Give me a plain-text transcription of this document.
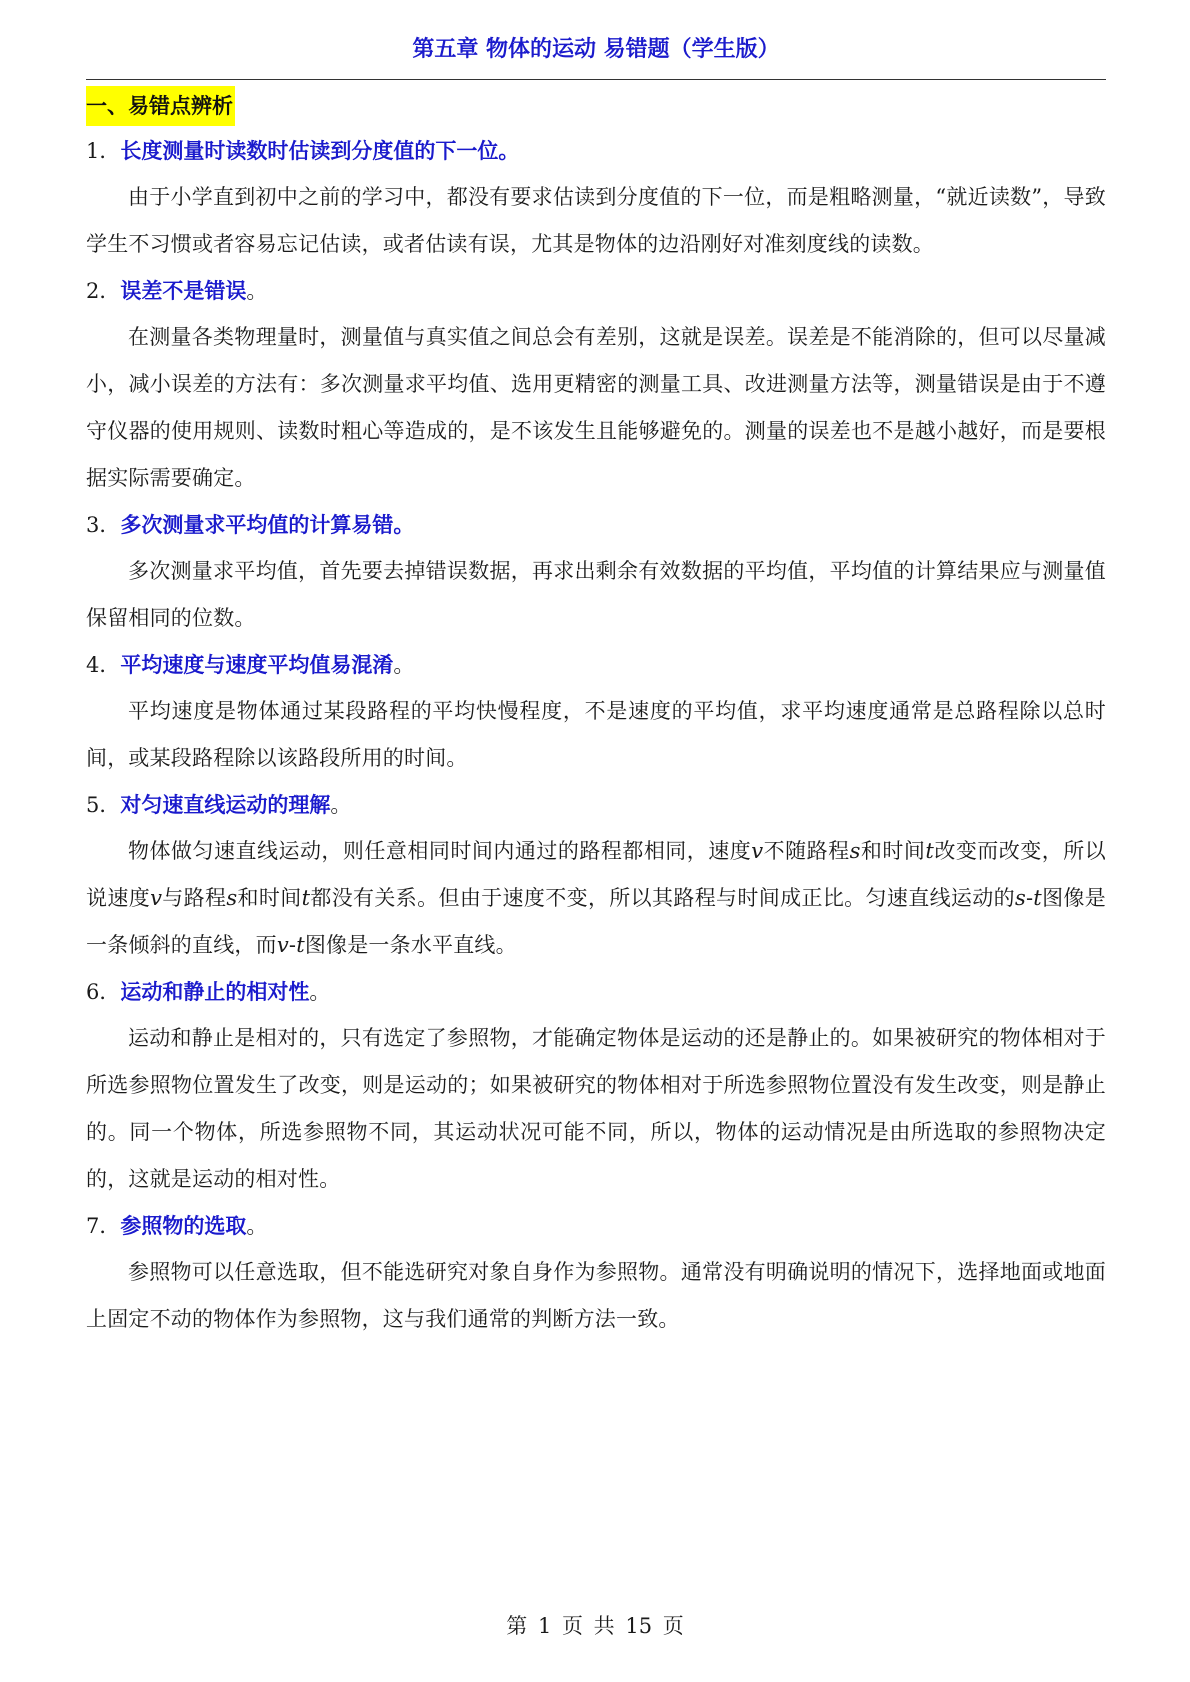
第五章 物体的运动 易错题（学生版）
一、易错点辨析

1．长度测量时读数时估读到分度值的下一位。

由于小学直到初中之前的学习中，都没有要求估读到分度值的下一位，而是粗略测量，“就近读数”，导致学生不习惯或者容易忘记估读，或者估读有误，尤其是物体的边沿刚好对准刻度线的读数。

2．误差不是错误。

在测量各类物理量时，测量值与真实值之间总会有差别，这就是误差。误差是不能消除的，但可以尽量减小，减小误差的方法有：多次测量求平均值、选用更精密的测量工具、改进测量方法等，测量错误是由于不遵守仪器的使用规则、读数时粗心等造成的，是不该发生且能够避免的。测量的误差也不是越小越好，而是要根据实际需要确定。

3．多次测量求平均值的计算易错。

多次测量求平均值，首先要去掉错误数据，再求出剩余有效数据的平均值，平均值的计算结果应与测量值保留相同的位数。

4．平均速度与速度平均值易混淆。

平均速度是物体通过某段路程的平均快慢程度，不是速度的平均值，求平均速度通常是总路程除以总时间，或某段路程除以该路段所用的时间。

5．对匀速直线运动的理解。

物体做匀速直线运动，则任意相同时间内通过的路程都相同，速度v不随路程s和时间t改变而改变，所以说速度v与路程s和时间t都没有关系。但由于速度不变，所以其路程与时间成正比。匀速直线运动的s-t图像是一条倾斜的直线，而v-t图像是一条水平直线。

6．运动和静止的相对性。

运动和静止是相对的，只有选定了参照物，才能确定物体是运动的还是静止的。如果被研究的物体相对于所选参照物位置发生了改变，则是运动的；如果被研究的物体相对于所选参照物位置没有发生改变，则是静止的。同一个物体，所选参照物不同，其运动状况可能不同，所以，物体的运动情况是由所选取的参照物决定的，这就是运动的相对性。

7．参照物的选取。

参照物可以任意选取，但不能选研究对象自身作为参照物。通常没有明确说明的情况下，选择地面或地面上固定不动的物体作为参照物，这与我们通常的判断方法一致。

第 1 页 共 15 页
